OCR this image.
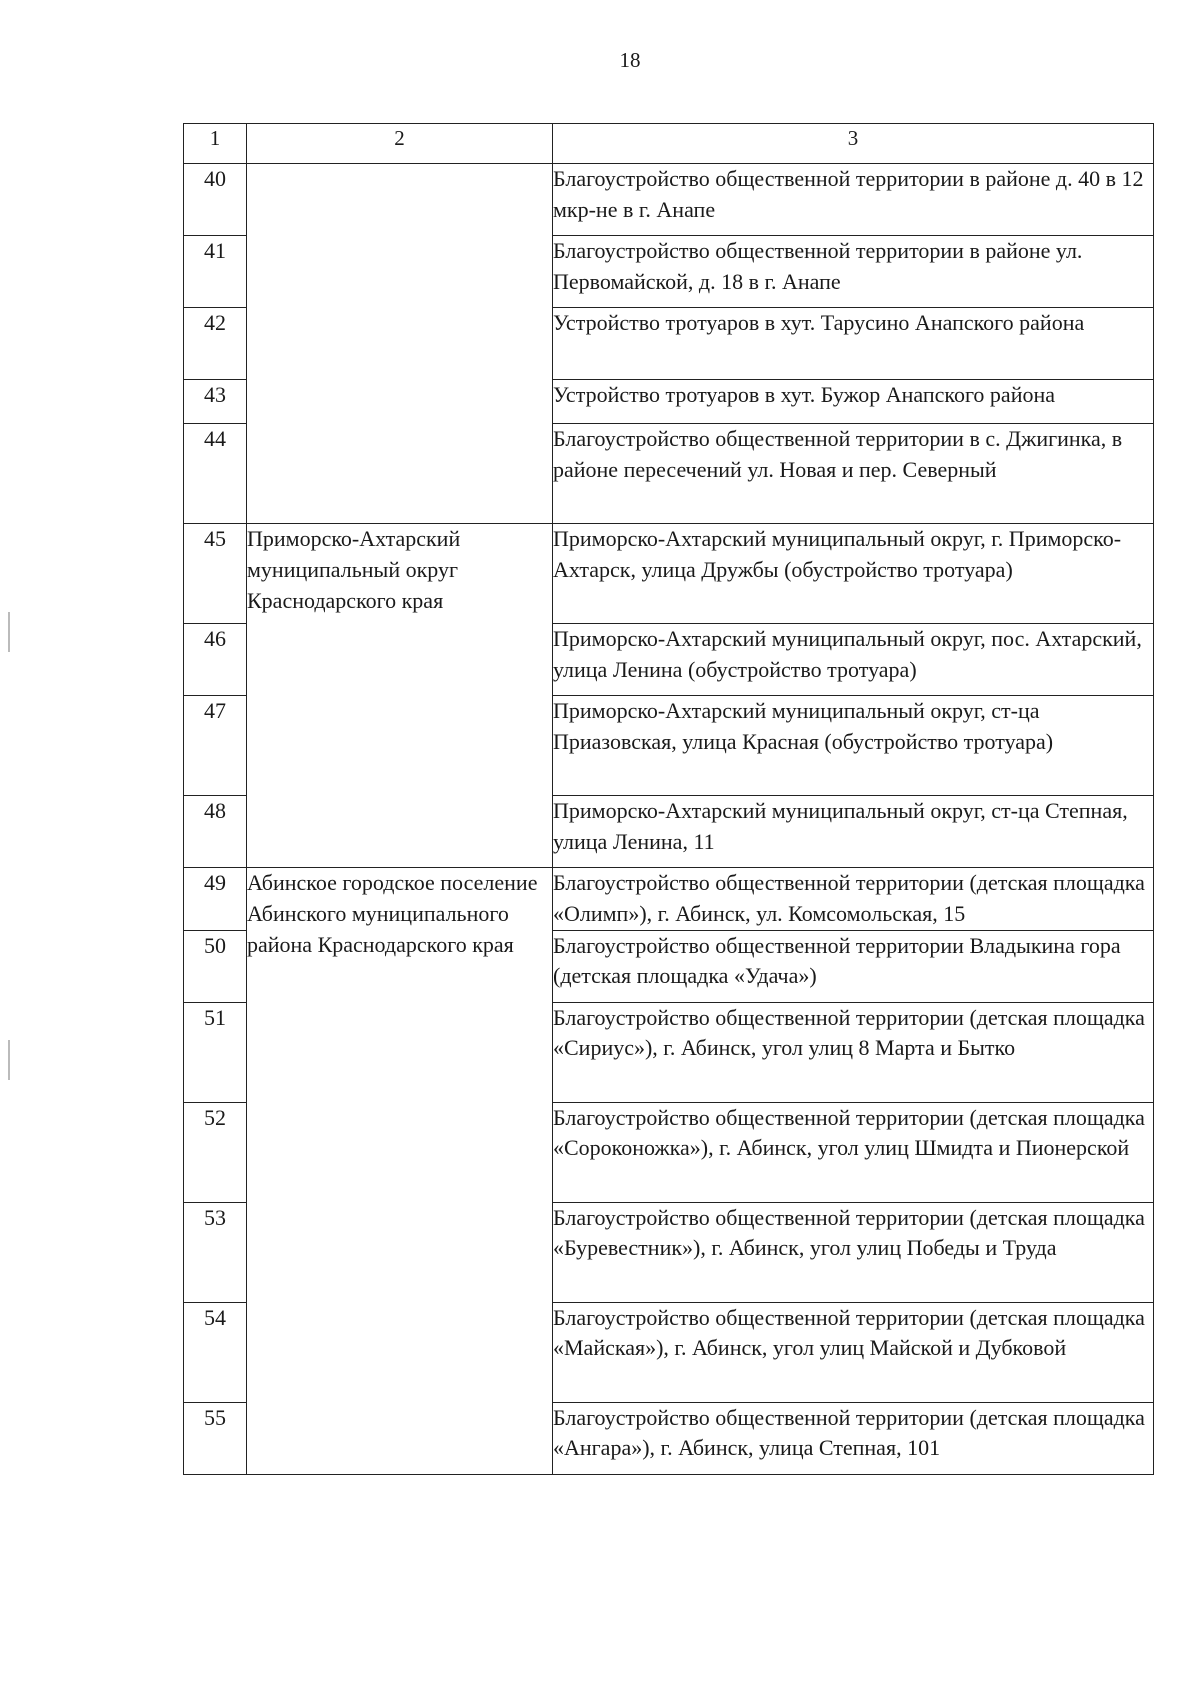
18
1	2	3
40		Благоустройство общественной территории в районе д. 40 в 12 мкр-не в г. Анапе
41		Благоустройство общественной территории в районе ул. Первомайской, д. 18 в г. Анапе
42		Устройство тротуаров в хут. Тарусино Анапского района
43		Устройство тротуаров в хут. Бужор Анапского района
44		Благоустройство общественной территории в с. Джигинка, в районе пересечений ул. Новая и пер. Северный
45	Приморско-Ахтарский муниципальный округ Краснодарского края	Приморско-Ахтарский муниципальный округ, г. Приморско-Ахтарск, улица Дружбы (обустройство тротуара)
46		Приморско-Ахтарский муниципальный округ, пос. Ахтарский, улица Ленина (обустройство тротуара)
47		Приморско-Ахтарский муниципальный округ, ст-ца Приазовская, улица Красная (обустройство тротуара)
48		Приморско-Ахтарский муниципальный округ, ст-ца Степная, улица Ленина, 11
49	Абинское городское поселение Абинского муниципального района Краснодарского края	Благоустройство общественной территории (детская площадка «Олимп»), г. Абинск, ул. Комсомольская, 15
50		Благоустройство общественной территории Владыкина гора (детская площадка «Удача»)
51		Благоустройство общественной территории (детская площадка «Сириус»), г. Абинск, угол улиц 8 Марта и Бытко
52		Благоустройство общественной территории (детская площадка «Сороконожка»), г. Абинск, угол улиц Шмидта и Пионерской
53		Благоустройство общественной территории (детская площадка «Буревестник»), г. Абинск, угол улиц Победы и Труда
54		Благоустройство общественной территории (детская площадка «Майская»), г. Абинск, угол улиц Майской и Дубковой
55		Благоустройство общественной территории (детская площадка «Ангара»), г. Абинск, улица Степная, 101
